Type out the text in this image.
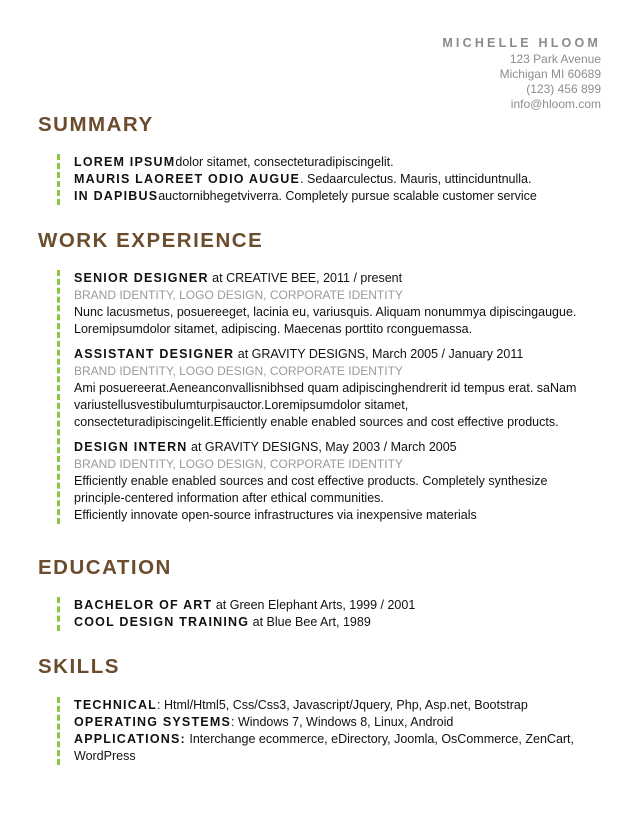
MICHELLE HLOOM
123 Park Avenue
Michigan MI 60689
(123) 456 899
info@hloom.com
SUMMARY

LOREM IPSUMdolor sitamet, consecteturadipiscingelit.

MAURIS LAOREET ODIO AUGUE. Sedaarculectus. Mauris, uttinciduntnulla.

IN DAPIBUSauctornibhegetviverra. Completely pursue scalable customer service

WORK EXPERIENCE

SENIOR DESIGNER at CREATIVE BEE, 2011 / present

BRAND IDENTITY, LOGO DESIGN, CORPORATE IDENTITY

Nunc lacusmetus, posuereeget, lacinia eu, variusquis. Aliquam nonummya dipiscingaugue.

Loremipsumdolor sitamet, adipiscing. Maecenas porttito rconguemassa.

ASSISTANT DESIGNER at GRAVITY DESIGNS, March 2005 / January 2011

BRAND IDENTITY, LOGO DESIGN, CORPORATE IDENTITY

Ami posuereerat.Aeneanconvallisnibhsed quam adipiscinghendrerit id tempus erat. saNam

variustellusvestibulumturpisauctor.Loremipsumdolor sitamet,

consecteturadipiscingelit.Efficiently enable enabled sources and cost effective products.

DESIGN INTERN at GRAVITY DESIGNS, May 2003 / March 2005

BRAND IDENTITY, LOGO DESIGN, CORPORATE IDENTITY

Efficiently enable enabled sources and cost effective products. Completely synthesize

principle-centered information after ethical communities.

Efficiently innovate open-source infrastructures via inexpensive materials

EDUCATION

BACHELOR OF ART at Green Elephant Arts, 1999 / 2001

COOL DESIGN TRAINING at Blue Bee Art, 1989

SKILLS

TECHNICAL: Html/Html5, Css/Css3, Javascript/Jquery, Php, Asp.net, Bootstrap

OPERATING SYSTEMS: Windows 7, Windows 8, Linux, Android

APPLICATIONS: Interchange ecommerce, eDirectory, Joomla, OsCommerce, ZenCart, WordPress
